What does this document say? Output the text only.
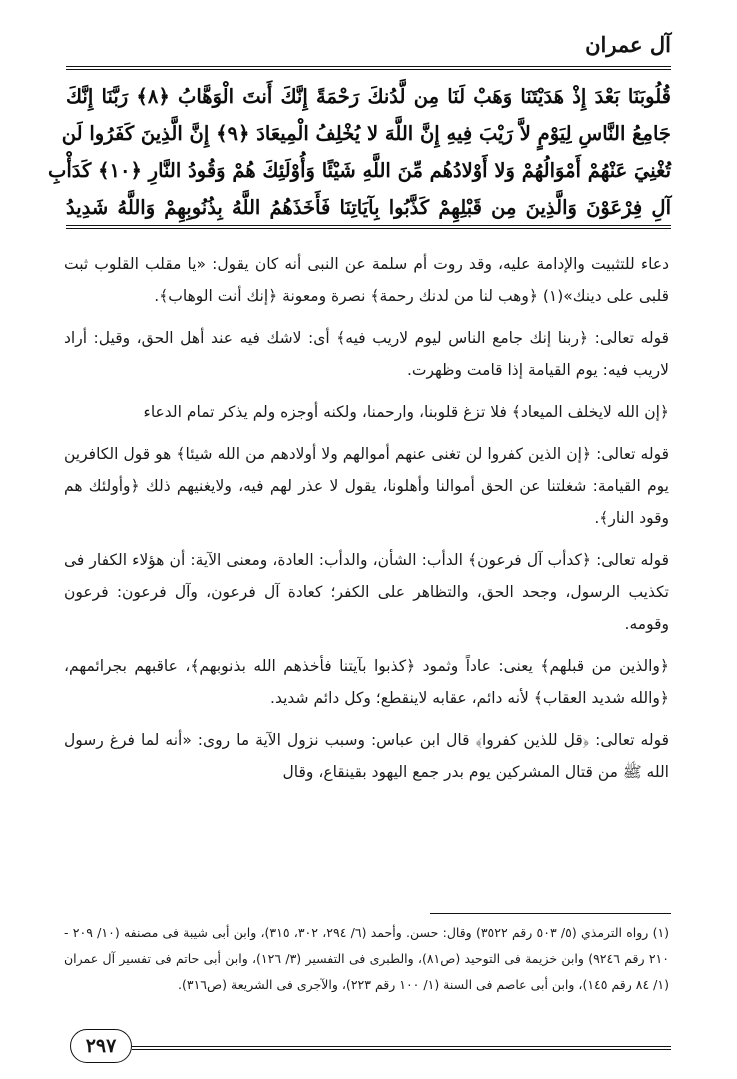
آل عمران
قُلُوبَنَا بَعْدَ إِذْ هَدَيْتَنَا وَهَبْ لَنَا مِن لَّدُنكَ رَحْمَةً إِنَّكَ أَنتَ الْوَهَّابُ ﴿٨﴾ رَبَّنَا إِنَّكَ
جَامِعُ النَّاسِ لِيَوْمٍ لاَّ رَيْبَ فِيهِ إِنَّ اللَّهَ لا يُخْلِفُ الْمِيعَادَ ﴿٩﴾ إِنَّ الَّذِينَ كَفَرُوا لَن
تُغْنِيَ عَنْهُمْ أَمْوَالُهُمْ وَلا أَوْلادُهُم مِّنَ اللَّهِ شَيْئًا وَأُوْلَئِكَ هُمْ وَقُودُ النَّارِ ﴿١٠﴾ كَدَأْبِ
آلِ فِرْعَوْنَ وَالَّذِينَ مِن قَبْلِهِمْ كَذَّبُوا بِآيَاتِنَا فَأَخَذَهُمُ اللَّهُ بِذُنُوبِهِمْ وَاللَّهُ شَدِيدُ

دعاء للتثبيت والإدامة عليه، وقد روت أم سلمة عن النبى أنه كان يقول: «يا مقلب القلوب ثبت قلبى على دينك»(١) ﴿وهب لنا من لدنك رحمة﴾ نصرة ومعونة ﴿إنك أنت الوهاب﴾.

قوله تعالى: ﴿ربنا إنك جامع الناس ليوم لاريب فيه﴾ أى: لاشك فيه عند أهل الحق، وقيل: أراد لاريب فيه: يوم القيامة إذا قامت وظهرت.

﴿إن الله لايخلف الميعاد﴾ فلا تزغ قلوبنا، وارحمنا، ولكنه أوجزه ولم يذكر تمام الدعاء

قوله تعالى: ﴿إن الذين كفروا لن تغنى عنهم أموالهم ولا أولادهم من الله شيئا﴾ هو قول الكافرين يوم القيامة: شغلتنا عن الحق أموالنا وأهلونا، يقول لا عذر لهم فيه، ولايغنيهم ذلك ﴿وأولئك هم وقود النار﴾.

قوله تعالى: ﴿كدأب آل فرعون﴾ الدأب: الشأن، والدأب: العادة، ومعنى الآية: أن هؤلاء الكفار فى تكذيب الرسول، وجحد الحق، والتظاهر على الكفر؛ كعادة آل فرعون، وآل فرعون: فرعون وقومه.

﴿والذين من قبلهم﴾ يعنى: عاداً وثمود ﴿كذبوا بآيتنا فأخذهم الله بذنوبهم﴾، عاقبهم بجرائمهم، ﴿والله شديد العقاب﴾ لأنه دائم، عقابه لاينقطع؛ وكل دائم شديد.

قوله تعالى: ﴿قل للذين كفروا﴾ قال ابن عباس: وسبب نزول الآية ما روى: «أنه لما فرغ رسول الله ﷺ من قتال المشركين يوم بدر جمع اليهود بقينقاع، وقال

(١) رواه الترمذي (٥/ ٥٠٣ رقم ٣٥٢٢) وقال: حسن. وأحمد (٦/ ٢٩٤، ٣٠٢، ٣١٥)، وابن أبى شيبة فى مصنفه (١٠/ ٢٠٩ - ٢١٠ رقم ٩٢٤٦) وابن خزيمة فى التوحيد (ص٨١)، والطبرى فى التفسير (٣/ ١٢٦)، وابن أبى حاتم فى تفسير آل عمران (١/ ٨٤ رقم ١٤٥)، وابن أبى عاصم فى السنة (١/ ١٠٠ رقم ٢٢٣)، والآجرى فى الشريعة (ص٣١٦).

٢٩٧
